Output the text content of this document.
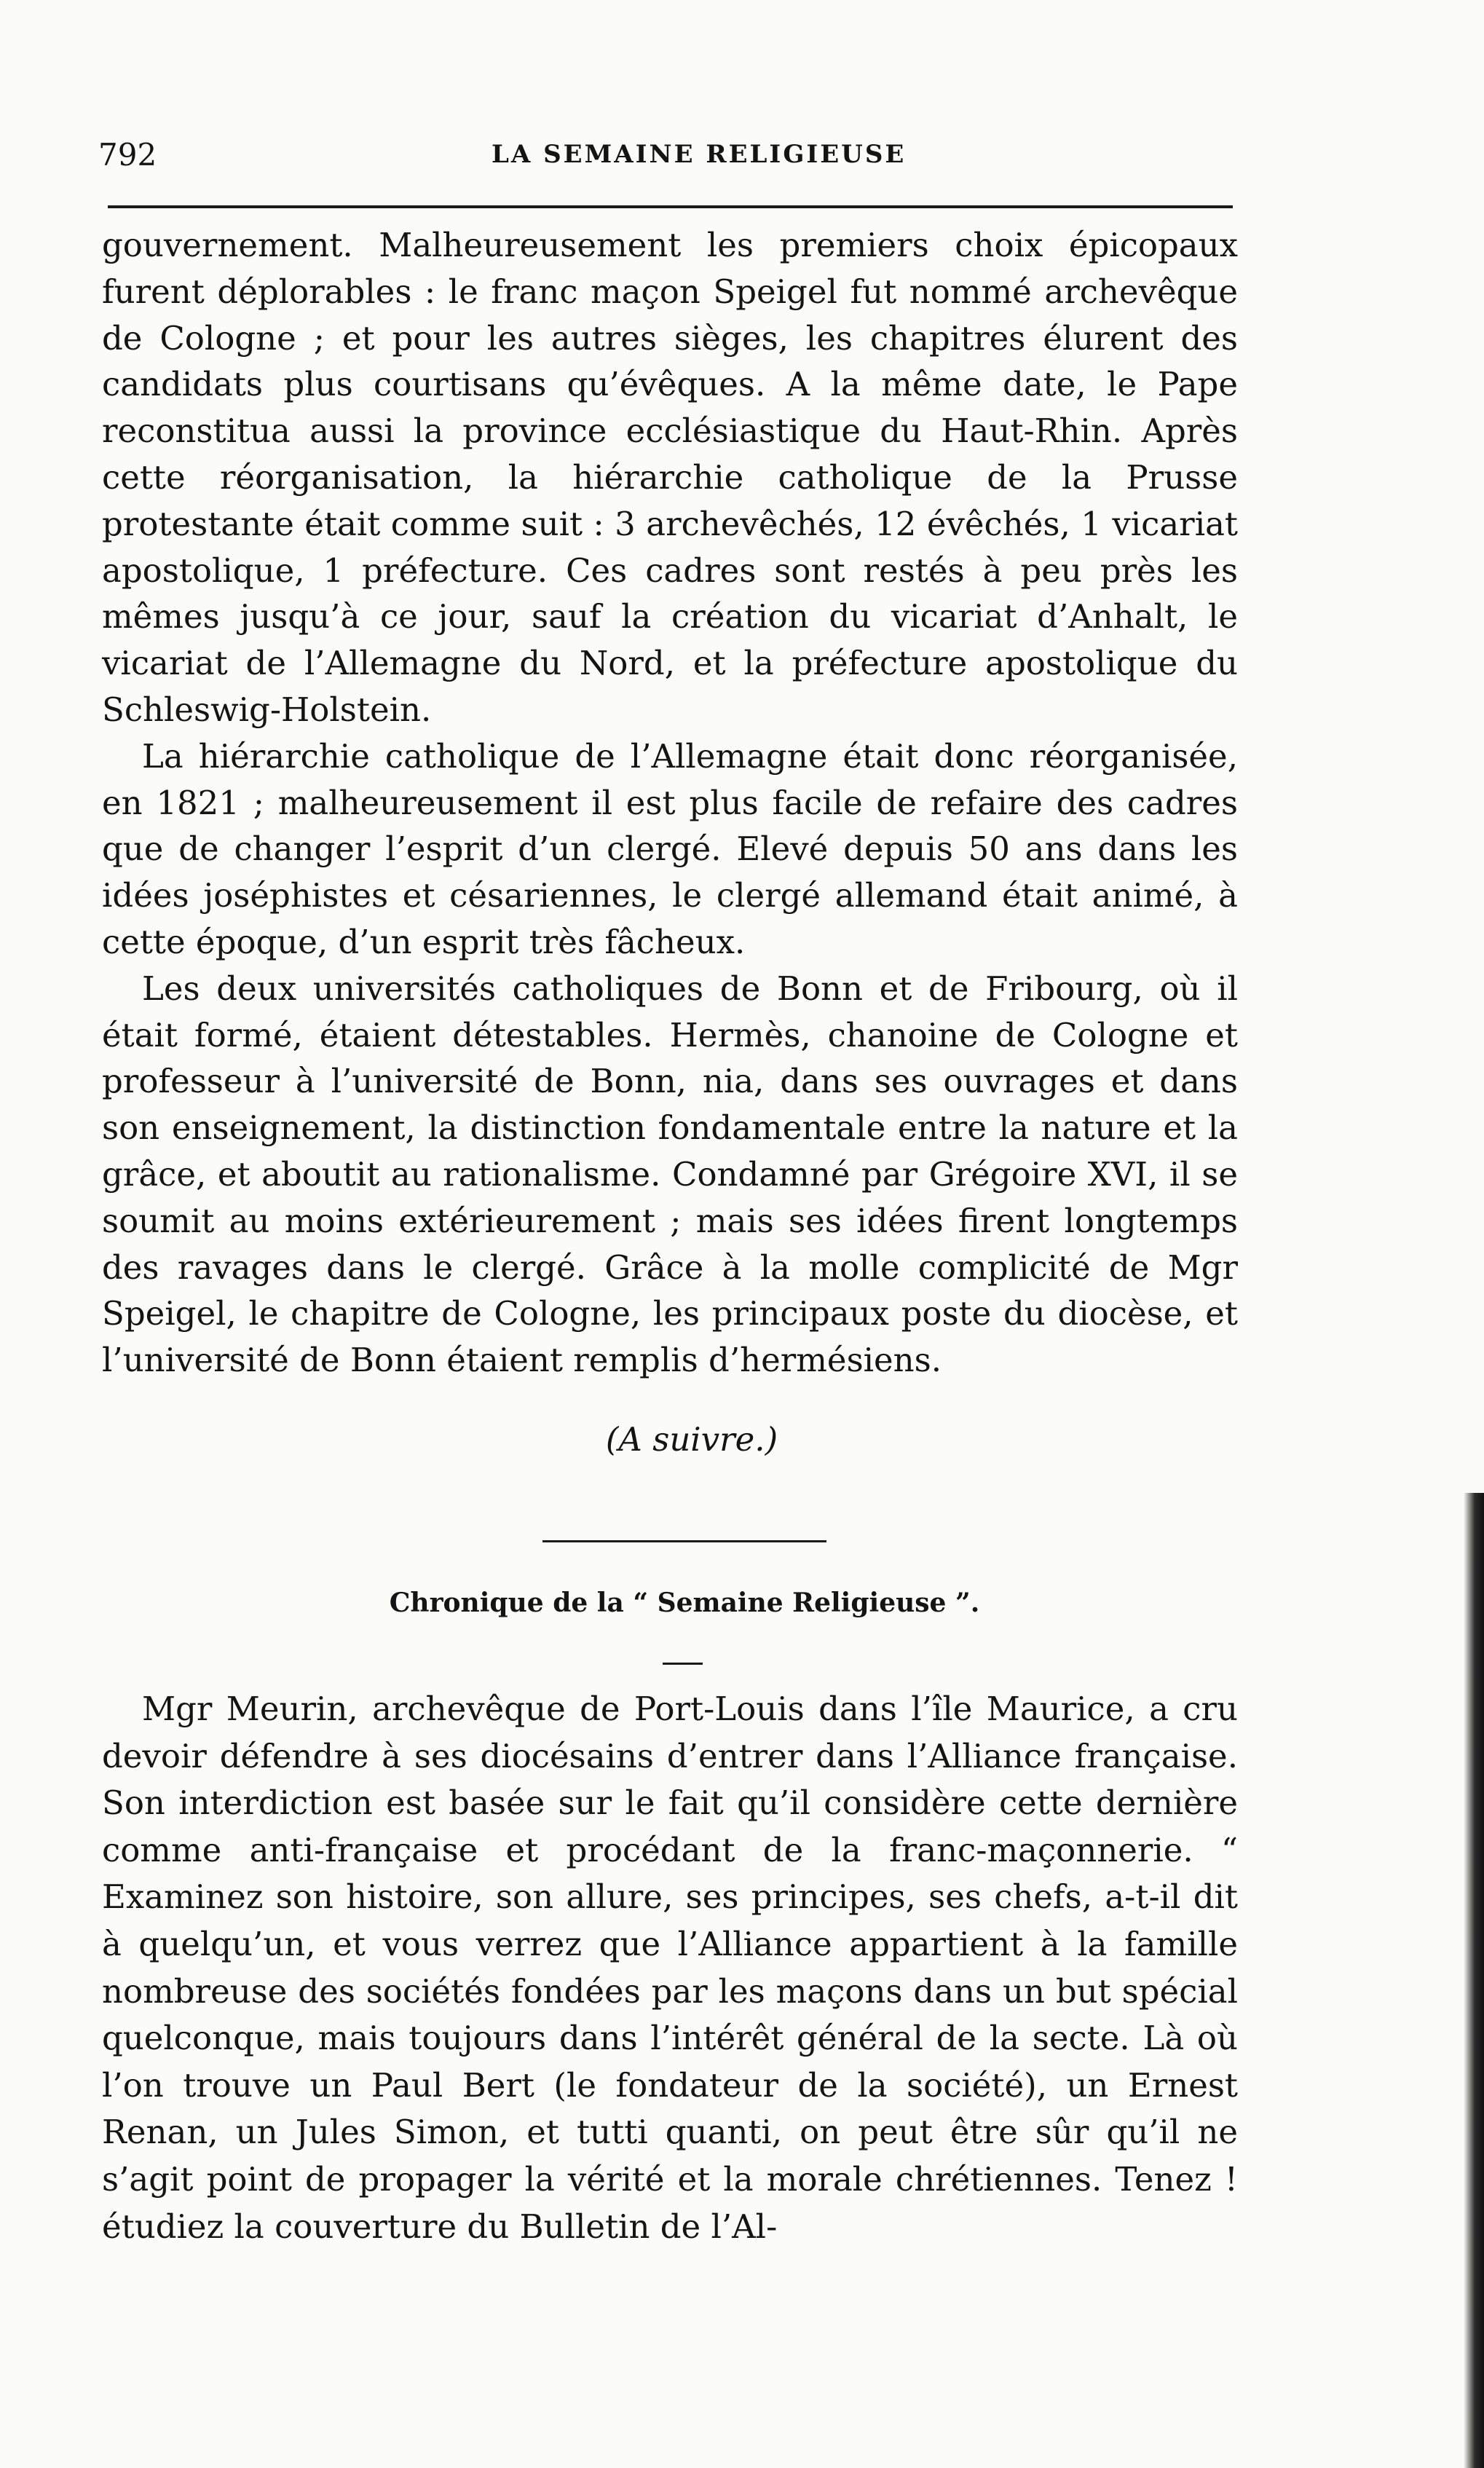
792	LA SEMAINE RELIGIEUSE

gouvernement. Malheureusement les premiers choix épicopaux furent déplorables : le franc maçon Speigel fut nommé archevêque de Cologne ; et pour les autres sièges, les chapitres élurent des candidats plus courtisans qu’évêques. A la même date, le Pape reconstitua aussi la province ecclésiastique du Haut-Rhin. Après cette réorganisation, la hiérarchie catholique de la Prusse protestante était comme suit : 3 archevêchés, 12 évêchés, 1 vicariat apostolique, 1 préfecture. Ces cadres sont restés à peu près les mêmes jusqu’à ce jour, sauf la création du vicariat d’Anhalt, le vicariat de l’Allemagne du Nord, et la préfecture apostolique du Schleswig-Holstein.

La hiérarchie catholique de l’Allemagne était donc réorganisée, en 1821 ; malheureusement il est plus facile de refaire des cadres que de changer l’esprit d’un clergé. Elevé depuis 50 ans dans les idées joséphistes et césariennes, le clergé allemand était animé, à cette époque, d’un esprit très fâcheux.

Les deux universités catholiques de Bonn et de Fribourg, où il était formé, étaient détestables. Hermès, chanoine de Cologne et professeur à l’université de Bonn, nia, dans ses ouvrages et dans son enseignement, la distinction fondamentale entre la nature et la grâce, et aboutit au rationalisme. Condamné par Grégoire XVI, il se soumit au moins extérieurement ; mais ses idées firent longtemps des ravages dans le clergé. Grâce à la molle complicité de Mgr Speigel, le chapitre de Cologne, les principaux poste du diocèse, et l’université de Bonn étaient remplis d’hermésiens.

(A suivre.)

Chronique de la “ Semaine Religieuse ”.

Mgr Meurin, archevêque de Port-Louis dans l’île Maurice, a cru devoir défendre à ses diocésains d’entrer dans l’Alliance française. Son interdiction est basée sur le fait qu’il considère cette dernière comme anti-française et procédant de la franc-maçonnerie. “ Examinez son histoire, son allure, ses principes, ses chefs, a-t-il dit à quelqu’un, et vous verrez que l’Alliance appartient à la famille nombreuse des sociétés fondées par les maçons dans un but spécial quelconque, mais toujours dans l’intérêt général de la secte. Là où l’on trouve un Paul Bert (le fondateur de la société), un Ernest Renan, un Jules Simon, et tutti quanti, on peut être sûr qu’il ne s’agit point de propager la vérité et la morale chrétiennes. Tenez ! étudiez la couverture du Bulletin de l’Al-
